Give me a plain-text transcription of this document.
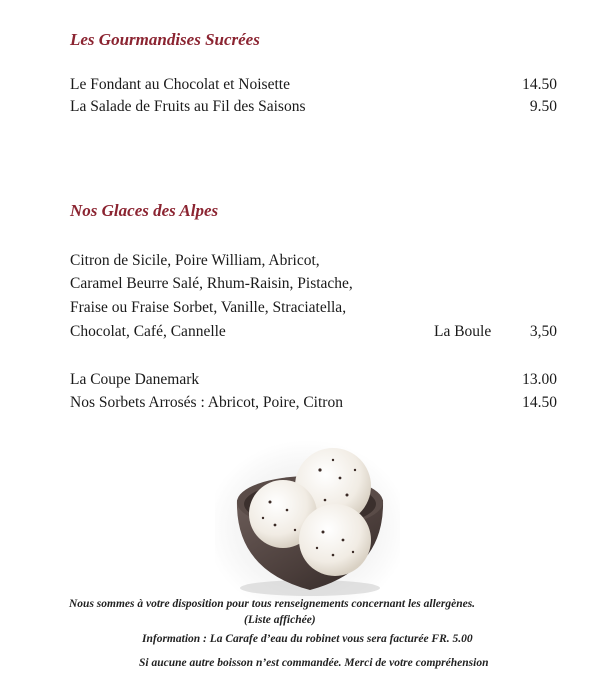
Les Gourmandises Sucrées
Le Fondant au Chocolat et Noisette	14.50
La Salade de Fruits au Fil des Saisons	9.50
Nos Glaces des Alpes
Citron de Sicile, Poire William, Abricot,
Caramel Beurre Salé, Rhum-Raisin, Pistache,
Fraise ou Fraise Sorbet, Vanille, Straciatella,
Chocolat, Café, Cannelle	La Boule 3,50
La Coupe Danemark	13.00
Nos Sorbets Arrosés : Abricot, Poire, Citron	14.50
Nous sommes à votre disposition pour tous renseignements concernant les allergènes.
(Liste affichée)
Information : La Carafe d’eau du robinet vous sera facturée FR. 5.00
Si aucune autre boisson n’est commandée. Merci de votre compréhension
